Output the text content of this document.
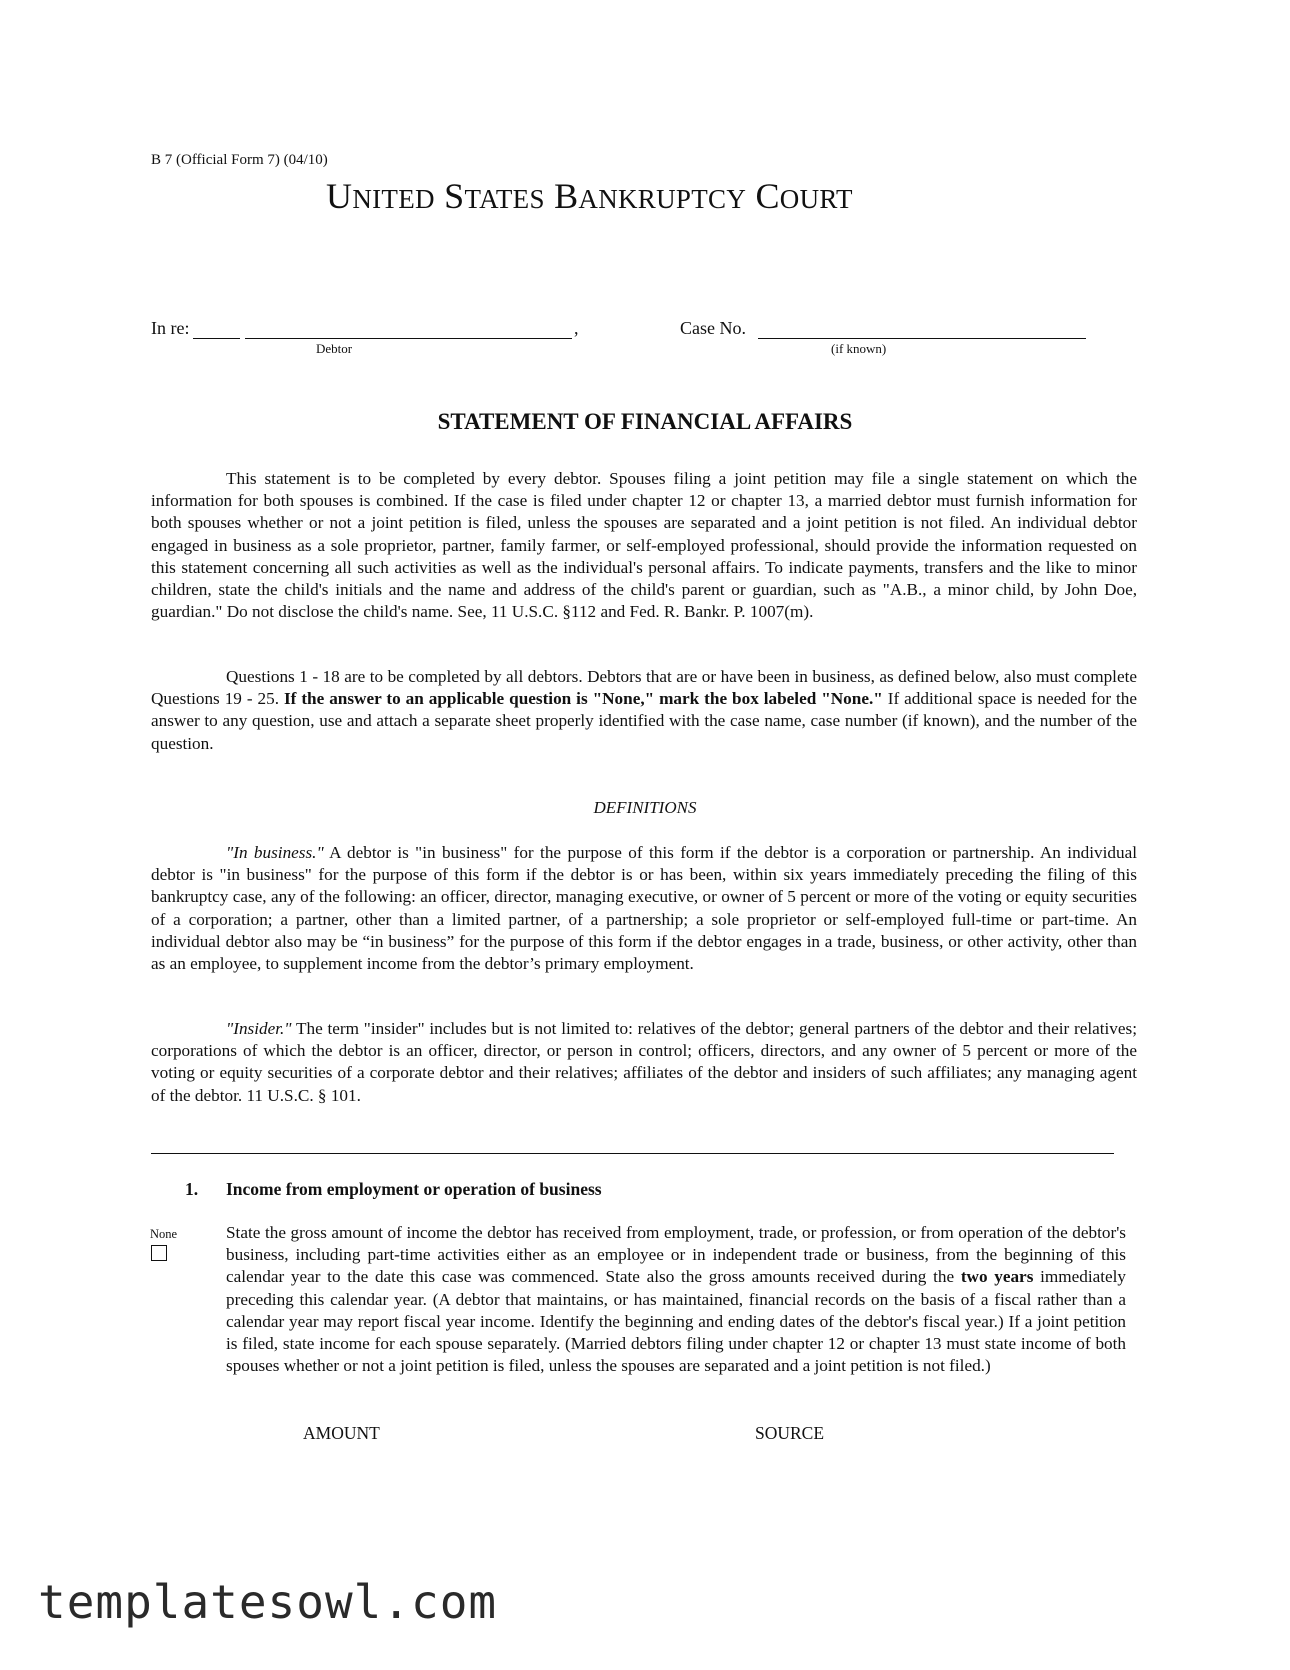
B 7 (Official Form 7) (04/10)
UNITED STATES BANKRUPTCY COURT
In re:	,
Debtor
Case No.
(if known)
STATEMENT OF FINANCIAL AFFAIRS
This statement is to be completed by every debtor. Spouses filing a joint petition may file a single statement on which the information for both spouses is combined. If the case is filed under chapter 12 or chapter 13, a married debtor must furnish information for both spouses whether or not a joint petition is filed, unless the spouses are separated and a joint petition is not filed. An individual debtor engaged in business as a sole proprietor, partner, family farmer, or self-employed professional, should provide the information requested on this statement concerning all such activities as well as the individual's personal affairs. To indicate payments, transfers and the like to minor children, state the child's initials and the name and address of the child's parent or guardian, such as "A.B., a minor child, by John Doe, guardian." Do not disclose the child's name. See, 11 U.S.C. §112 and Fed. R. Bankr. P. 1007(m).
Questions 1 - 18 are to be completed by all debtors. Debtors that are or have been in business, as defined below, also must complete Questions 19 - 25. If the answer to an applicable question is "None," mark the box labeled "None." If additional space is needed for the answer to any question, use and attach a separate sheet properly identified with the case name, case number (if known), and the number of the question.
DEFINITIONS
"In business." A debtor is "in business" for the purpose of this form if the debtor is a corporation or partnership. An individual debtor is "in business" for the purpose of this form if the debtor is or has been, within six years immediately preceding the filing of this bankruptcy case, any of the following: an officer, director, managing executive, or owner of 5 percent or more of the voting or equity securities of a corporation; a partner, other than a limited partner, of a partnership; a sole proprietor or self-employed full-time or part-time. An individual debtor also may be “in business” for the purpose of this form if the debtor engages in a trade, business, or other activity, other than as an employee, to supplement income from the debtor’s primary employment.
"Insider." The term "insider" includes but is not limited to: relatives of the debtor; general partners of the debtor and their relatives; corporations of which the debtor is an officer, director, or person in control; officers, directors, and any owner of 5 percent or more of the voting or equity securities of a corporate debtor and their relatives; affiliates of the debtor and insiders of such affiliates; any managing agent of the debtor. 11 U.S.C. § 101.
1. Income from employment or operation of business
None	State the gross amount of income the debtor has received from employment, trade, or profession, or from operation of the debtor's business, including part-time activities either as an employee or in independent trade or business, from the beginning of this calendar year to the date this case was commenced. State also the gross amounts received during the two years immediately preceding this calendar year. (A debtor that maintains, or has maintained, financial records on the basis of a fiscal rather than a calendar year may report fiscal year income. Identify the beginning and ending dates of the debtor's fiscal year.) If a joint petition is filed, state income for each spouse separately. (Married debtors filing under chapter 12 or chapter 13 must state income of both spouses whether or not a joint petition is filed, unless the spouses are separated and a joint petition is not filed.)
AMOUNT	SOURCE
templatesowl.com
